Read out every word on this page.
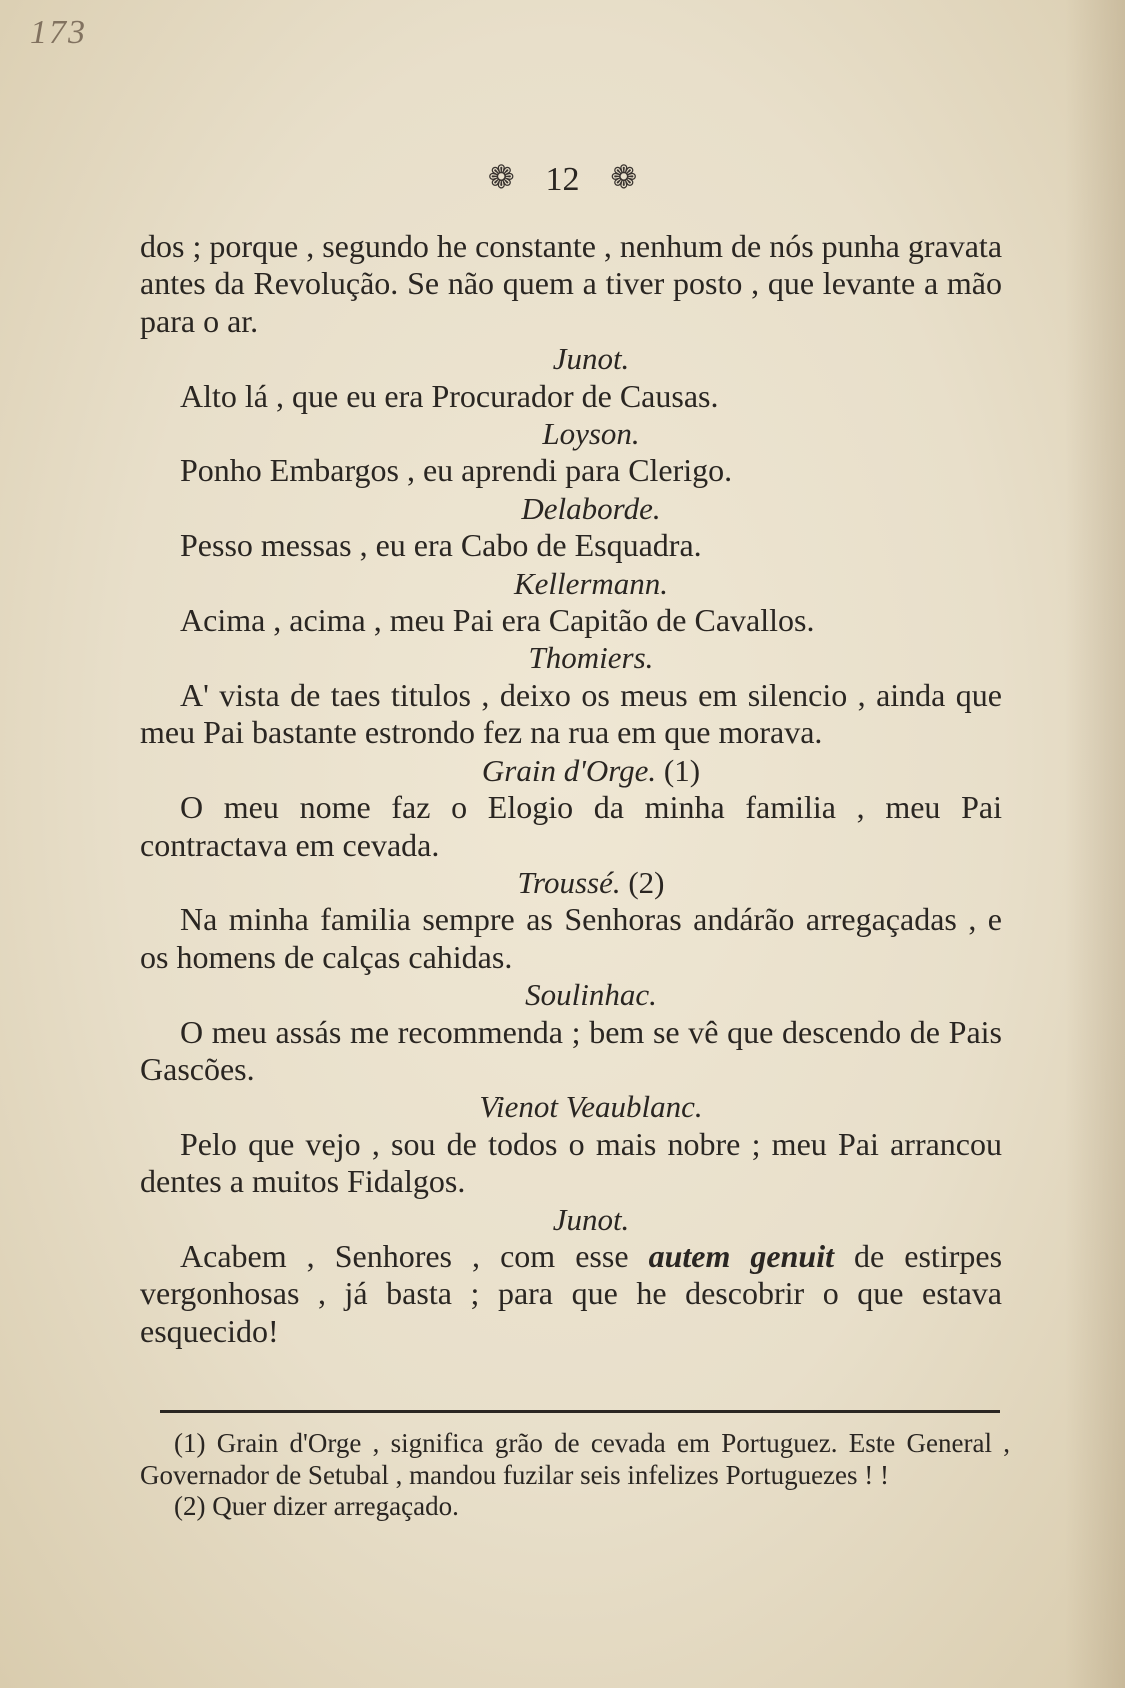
173
❁ 12 ❁
dos ; porque , segundo he constante , nenhum de nós punha gravata antes da Revolução. Se não quem a tiver posto , que levante a mão para o ar.
Junot.
Alto lá , que eu era Procurador de Causas.
Loyson.
Ponho Embargos , eu aprendi para Clerigo.
Delaborde.
Pesso messas , eu era Cabo de Esquadra.
Kellermann.
Acima , acima , meu Pai era Capitão de Cavallos.
Thomiers.
A' vista de taes titulos , deixo os meus em silencio , ainda que meu Pai bastante estrondo fez na rua em que morava.
Grain d'Orge. (1)
O meu nome faz o Elogio da minha familia , meu Pai contractava em cevada.
Troussé. (2)
Na minha familia sempre as Senhoras andárão arregaçadas , e os homens de calças cahidas.
Soulinhac.
O meu assás me recommenda ; bem se vê que descendo de Pais Gascões.
Vienot Veaublanc.
Pelo que vejo , sou de todos o mais nobre ; meu Pai arrancou dentes a muitos Fidalgos.
Junot.
Acabem , Senhores , com esse autem genuit de estirpes vergonhosas , já basta ; para que he descobrir o que estava esquecido!
(1) Grain d'Orge , significa grão de cevada em Portuguez. Este General , Governador de Setubal , mandou fuzilar seis infelizes Portuguezes ! !
(2) Quer dizer arregaçado.
